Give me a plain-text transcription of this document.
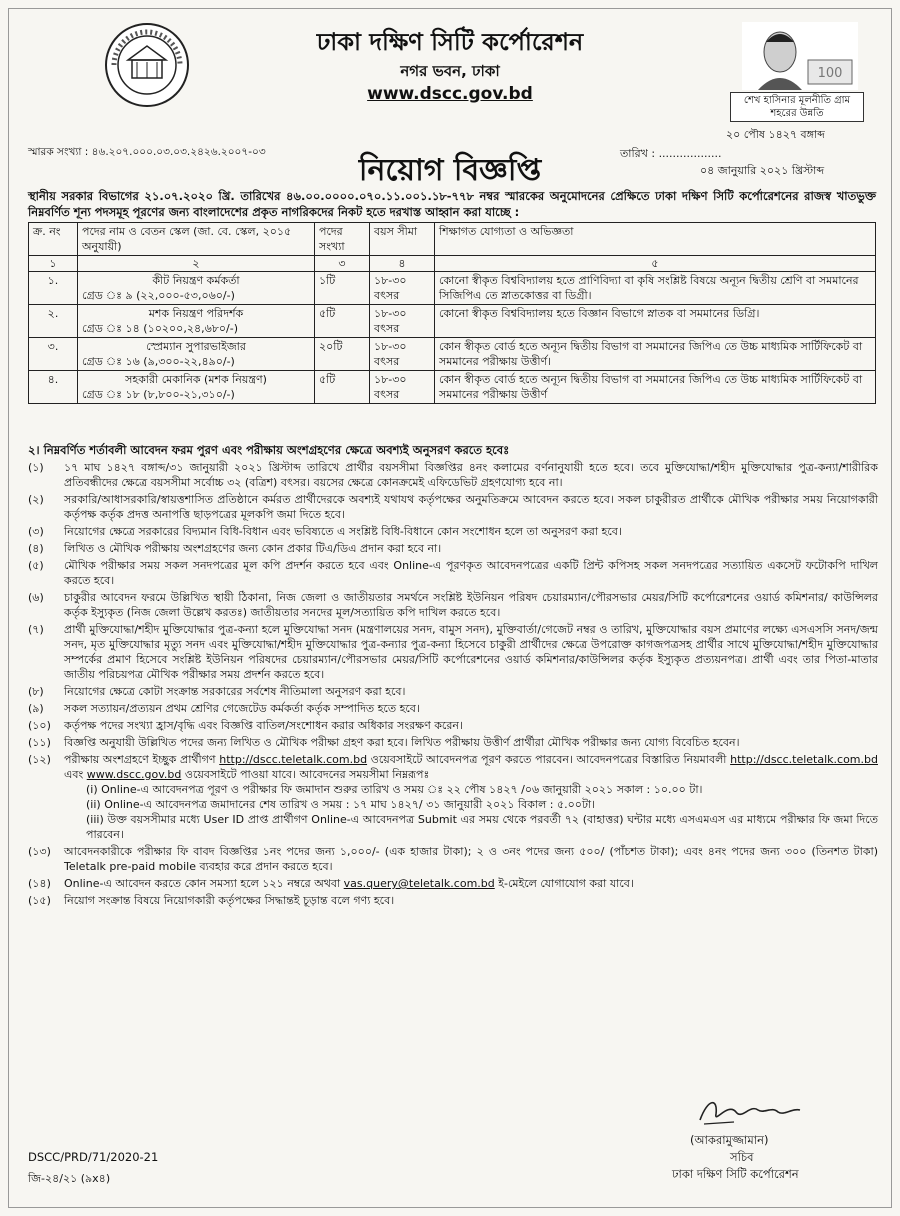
ঢাকা দক্ষিণ সিটি কর্পোরেশন
নগর ভবন, ঢাকা
www.dscc.gov.bd
100
শেখ হাসিনার মূলনীতি গ্রাম শহরের উন্নতি
২০ পৌষ ১৪২৭ বঙ্গাব্দ
তারিখ : ..................
০৪ জানুয়ারি ২০২১ খ্রিস্টাব্দ
স্মারক সংখ্যা : ৪৬.২০৭.০০০.০৩.০৩.২৪২৬.২০০৭-০৩
নিয়োগ বিজ্ঞপ্তি
স্থানীয় সরকার বিভাগের ২১.০৭.২০২০ খ্রি. তারিখের ৪৬.০০.০০০০.০৭০.১১.০০১.১৮-৭৭৮ নম্বর স্মারকের অনুমোদনের প্রেক্ষিতে ঢাকা দক্ষিণ সিটি কর্পোরেশনের রাজস্ব খাতভুক্ত নিম্নবর্ণিত শূন্য পদসমূহ পূরণের জন্য বাংলাদেশের প্রকৃত নাগরিকদের নিকট হতে দরখাস্ত আহ্বান করা যাচ্ছে :
ক্র. নং	পদের নাম ও বেতন স্কেল (জা. বে. স্কেল, ২০১৫ অনুযায়ী)	পদের সংখ্যা	বয়স সীমা	শিক্ষাগত যোগ্যতা ও অভিজ্ঞতা
১	২	৩	৪	৫
১.	কীট নিয়ন্ত্রণ কর্মকর্তা
গ্রেড ঃ ৯ (২২,০০০-৫৩,০৬০/-)	১টি	১৮-৩০ বৎসর	কোনো স্বীকৃত বিশ্ববিদ্যালয় হতে প্রাণিবিদ্যা বা কৃষি সংশ্লিষ্ট বিষয়ে অন্যূন দ্বিতীয় শ্রেণি বা সমমানের সিজিপিএ তে স্নাতকোত্তর বা ডিগ্রী।
২.	মশক নিয়ন্ত্রণ পরিদর্শক
গ্রেড ঃ ১৪ (১০২০০,২৪,৬৮০/-)	৫টি	১৮-৩০ বৎসর	কোনো স্বীকৃত বিশ্ববিদ্যালয় হতে বিজ্ঞান বিভাগে স্নাতক বা সমমানের ডিগ্রি।
৩.	স্প্রেম্যান সুপারভাইজার
গ্রেড ঃ ১৬ (৯,৩০০-২২,৪৯০/-)	২০টি	১৮-৩০ বৎসর	কোন স্বীকৃত বোর্ড হতে অন্যূন দ্বিতীয় বিভাগ বা সমমানের জিপিএ তে উচ্চ মাধ্যমিক সার্টিফিকেট বা সমমানের পরীক্ষায় উত্তীর্ণ।
৪.	সহকারী মেকানিক (মশক নিয়ন্ত্রণ)
গ্রেড ঃ ১৮ (৮,৮০০-২১,৩১০/-)	৫টি	১৮-৩০ বৎসর	কোন স্বীকৃত বোর্ড হতে অন্যূন দ্বিতীয় বিভাগ বা সমমানের জিপিএ তে উচ্চ মাধ্যমিক সার্টিফিকেট বা সমমানের পরীক্ষায় উত্তীর্ণ
২। নিম্নবর্ণিত শর্তাবলী আবেদন ফরম পুরণ এবং পরীক্ষায় অংশগ্রহণের ক্ষেত্রে অবশ্যই অনুসরণ করতে হবেঃ
(১) ১৭ মাঘ ১৪২৭ বঙ্গাব্দ/৩১ জানুয়ারী ২০২১ খ্রিস্টাব্দ তারিখে প্রার্থীর বয়সসীমা বিজ্ঞপ্তির ৪নং কলামের বর্ণনানুযায়ী হতে হবে। তবে মুক্তিযোদ্ধা/শহীদ মুক্তিযোদ্ধার পুত্র-কন্যা/শারীরিক প্রতিবন্ধীদের ক্ষেত্রে বয়সসীমা সর্বোচ্চ ৩২ (বত্রিশ) বৎসর। বয়সের ক্ষেত্রে কোনক্রমেই এফিডেভিট গ্রহণযোগ্য হবে না।
(২) সরকারি/আধাসরকারি/স্বায়ত্তশাসিত প্রতিষ্ঠানে কর্মরত প্রার্থীদেরকে অবশ্যই যথাযথ কর্তৃপক্ষের অনুমতিক্রমে আবেদন করতে হবে। সকল চাকুরীরত প্রার্থীকে মৌখিক পরীক্ষার সময় নিয়োগকারী কর্তৃপক্ষ কর্তৃক প্রদত্ত অনাপত্তি ছাড়পত্রের মূলকপি জমা দিতে হবে।
(৩) নিয়োগের ক্ষেত্রে সরকারের বিদ্যমান বিধি-বিধান এবং ভবিষ্যতে এ সংশ্লিষ্ট বিধি-বিধানে কোন সংশোধন হলে তা অনুসরণ করা হবে।
(৪) লিখিত ও মৌখিক পরীক্ষায় অংশগ্রহণের জন্য কোন প্রকার টিএ/ডিএ প্রদান করা হবে না।
(৫) মৌখিক পরীক্ষার সময় সকল সনদপত্রের মূল কপি প্রদর্শন করতে হবে এবং Online-এ পূরণকৃত আবেদনপত্রের একটি প্রিন্ট কপিসহ সকল সনদপত্রের সত্যায়িত একসেট ফটোকপি দাখিল করতে হবে।
(৬) চাকুরীর আবেদন ফরমে উল্লিখিত স্থায়ী ঠিকানা, নিজ জেলা ও জাতীয়তার সমর্থনে সংশ্লিষ্ট ইউনিয়ন পরিষদ চেয়ারম্যান/পৌরসভার মেয়র/সিটি কর্পোরেশনের ওয়ার্ড কমিশনার/ কাউন্সিলর কর্তৃক ইস্যুকৃত (নিজ জেলা উল্লেখ করতঃ) জাতীয়তার সনদের মূল/সত্যায়িত কপি দাখিল করতে হবে।
(৭) প্রার্থী মুক্তিযোদ্ধা/শহীদ মুক্তিযোদ্ধার পুত্র-কন্যা হলে মুক্তিযোদ্ধা সনদ (মন্ত্রণালয়ের সনদ, বামুস সনদ), মুক্তিবার্তা/গেজেট নম্বর ও তারিখ, মুক্তিযোদ্ধার বয়স প্রমাণের লক্ষ্যে এসএসসি সনদ/জন্ম সনদ, মৃত মুক্তিযোদ্ধার মৃত্যু সনদ এবং মুক্তিযোদ্ধা/শহীদ মুক্তিযোদ্ধার পুত্র-কন্যার পুত্র-কন্যা হিসেবে চাকুরী প্রার্থীদের ক্ষেত্রে উপরোক্ত কাগজপত্রসহ প্রার্থীর সাথে মুক্তিযোদ্ধা/শহীদ মুক্তিযোদ্ধার সম্পর্কের প্রমাণ হিসেবে সংশ্লিষ্ট ইউনিয়ন পরিষদের চেয়ারম্যান/পৌরসভার মেয়র/সিটি কর্পোরেশনের ওয়ার্ড কমিশনার/কাউন্সিলর কর্তৃক ইস্যুকৃত প্রত্যয়নপত্র। প্রার্থী এবং তার পিতা-মাতার জাতীয় পরিচয়পত্র মৌখিক পরীক্ষার সময় প্রদর্শন করতে হবে।
(৮) নিয়োগের ক্ষেত্রে কোটা সংক্রান্ত সরকারের সর্বশেষ নীতিমালা অনুসরণ করা হবে।
(৯) সকল সত্যায়ন/প্রত্যয়ন প্রথম শ্রেণির গেজেটেড কর্মকর্তা কর্তৃক সম্পাদিত হতে হবে।
(১০) কর্তৃপক্ষ পদের সংখ্যা হ্রাস/বৃদ্ধি এবং বিজ্ঞপ্তি বাতিল/সংশোধন করার অধিকার সংরক্ষণ করেন।
(১১) বিজ্ঞপ্তি অনুযায়ী উল্লিখিত পদের জন্য লিখিত ও মৌখিক পরীক্ষা গ্রহণ করা হবে। লিখিত পরীক্ষায় উত্তীর্ণ প্রার্থীরা মৌখিক পরীক্ষার জন্য যোগ্য বিবেচিত হবেন।
(১২) পরীক্ষায় অংশগ্রহণে ইচ্ছুক প্রার্থীগণ http://dscc.teletalk.com.bd ওয়েবসাইটে আবেদনপত্র পূরণ করতে পারবেন। আবেদনপত্রের বিস্তারিত নিয়মাবলী http://dscc.teletalk.com.bd এবং www.dscc.gov.bd ওয়েবসাইটে পাওয়া যাবে। আবেদনের সময়সীমা নিম্নরূপঃ
(i) Online-এ আবেদনপত্র পূরণ ও পরীক্ষার ফি জমাদান শুরুর তারিখ ও সময় ঃ ২২ পৌষ ১৪২৭ /০৬ জানুয়ারী ২০২১ সকাল : ১০.০০ টা।
(ii) Online-এ আবেদনপত্র জমাদানের শেষ তারিখ ও সময় : ১৭ মাঘ ১৪২৭/ ৩১ জানুয়ারী ২০২১ বিকাল : ৫.০০টা।
(iii) উক্ত বয়সসীমার মধ্যে User ID প্রাপ্ত প্রার্থীগণ Online-এ আবেদনপত্র Submit এর সময় থেকে পরবর্তী ৭২ (বাহাত্তর) ঘন্টার মধ্যে এসএমএস এর মাধ্যমে পরীক্ষার ফি জমা দিতে পারবেন।
(১৩) আবেদনকারীকে পরীক্ষার ফি বাবদ বিজ্ঞপ্তির ১নং পদের জন্য ১,০০০/- (এক হাজার টাকা); ২ ও ৩নং পদের জন্য ৫০০/ (পাঁচশত টাকা); এবং ৪নং পদের জন্য ৩০০ (তিনশত টাকা) Teletalk pre-paid mobile ব্যবহার করে প্রদান করতে হবে।
(১৪) Online-এ আবেদন করতে কোন সমস্যা হলে ১২১ নম্বরে অথবা vas.query@teletalk.com.bd ই-মেইলে যোগাযোগ করা যাবে।
(১৫) নিয়োগ সংক্রান্ত বিষয়ে নিয়োগকারী কর্তৃপক্ষের সিদ্ধান্তই চূড়ান্ত বলে গণ্য হবে।
(আকরামুজ্জামান)
সচিব
ঢাকা দক্ষিণ সিটি কর্পোরেশন
DSCC/PRD/71/2020-21
জি-২৪/২১ (৯x৪)
